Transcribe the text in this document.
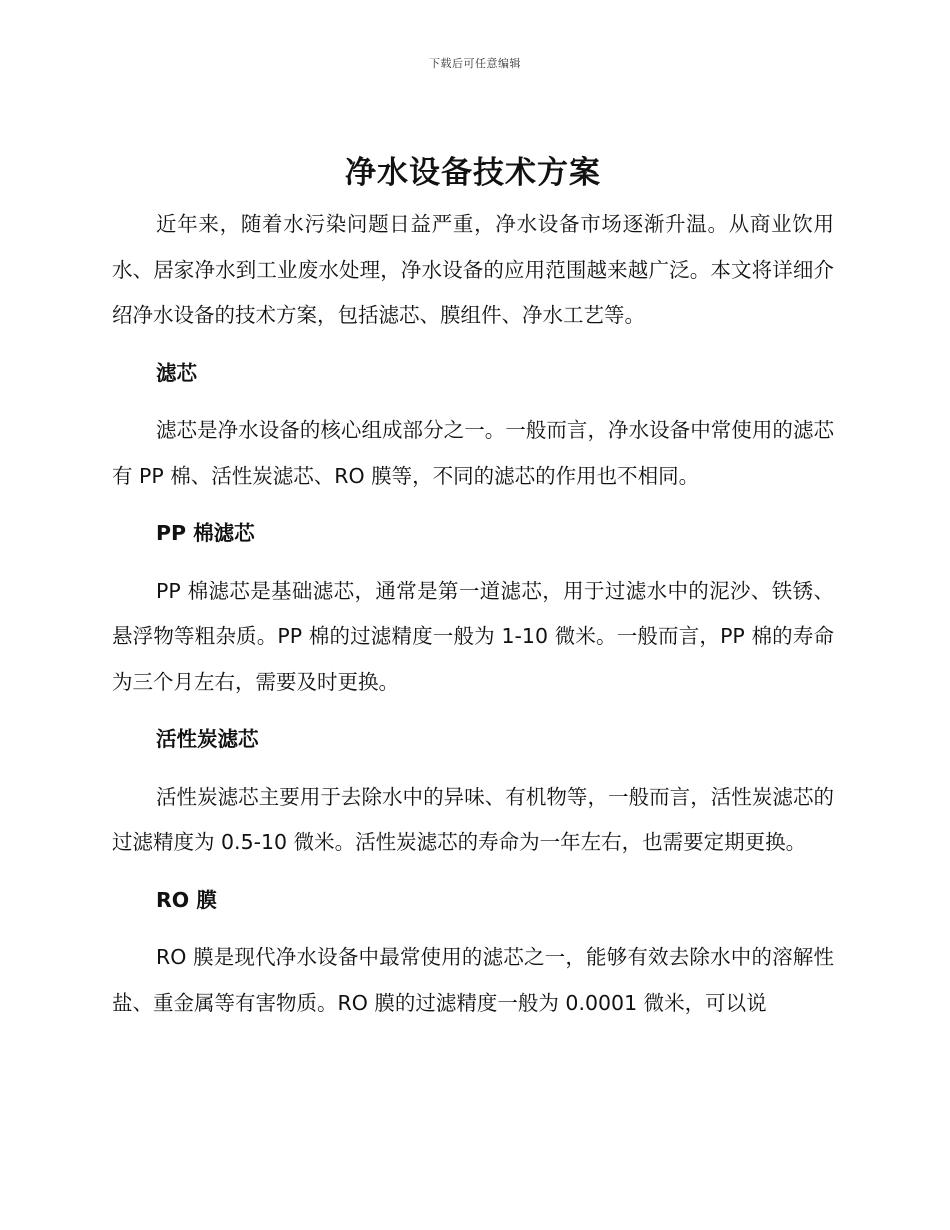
下载后可任意编辑
净水设备技术方案

近年来，随着水污染问题日益严重，净水设备市场逐渐升温。从商业饮用水、居家净水到工业废水处理，净水设备的应用范围越来越广泛。本文将详细介绍净水设备的技术方案，包括滤芯、膜组件、净水工艺等。

滤芯

滤芯是净水设备的核心组成部分之一。一般而言，净水设备中常使用的滤芯有 PP 棉、活性炭滤芯、RO 膜等，不同的滤芯的作用也不相同。

PP 棉滤芯

PP 棉滤芯是基础滤芯，通常是第一道滤芯，用于过滤水中的泥沙、铁锈、悬浮物等粗杂质。PP 棉的过滤精度一般为 1-10 微米。一般而言，PP 棉的寿命为三个月左右，需要及时更换。

活性炭滤芯

活性炭滤芯主要用于去除水中的异味、有机物等，一般而言，活性炭滤芯的过滤精度为 0.5-10 微米。活性炭滤芯的寿命为一年左右，也需要定期更换。

RO 膜

RO 膜是现代净水设备中最常使用的滤芯之一，能够有效去除水中的溶解性盐、重金属等有害物质。RO 膜的过滤精度一般为 0.0001 微米，可以说
